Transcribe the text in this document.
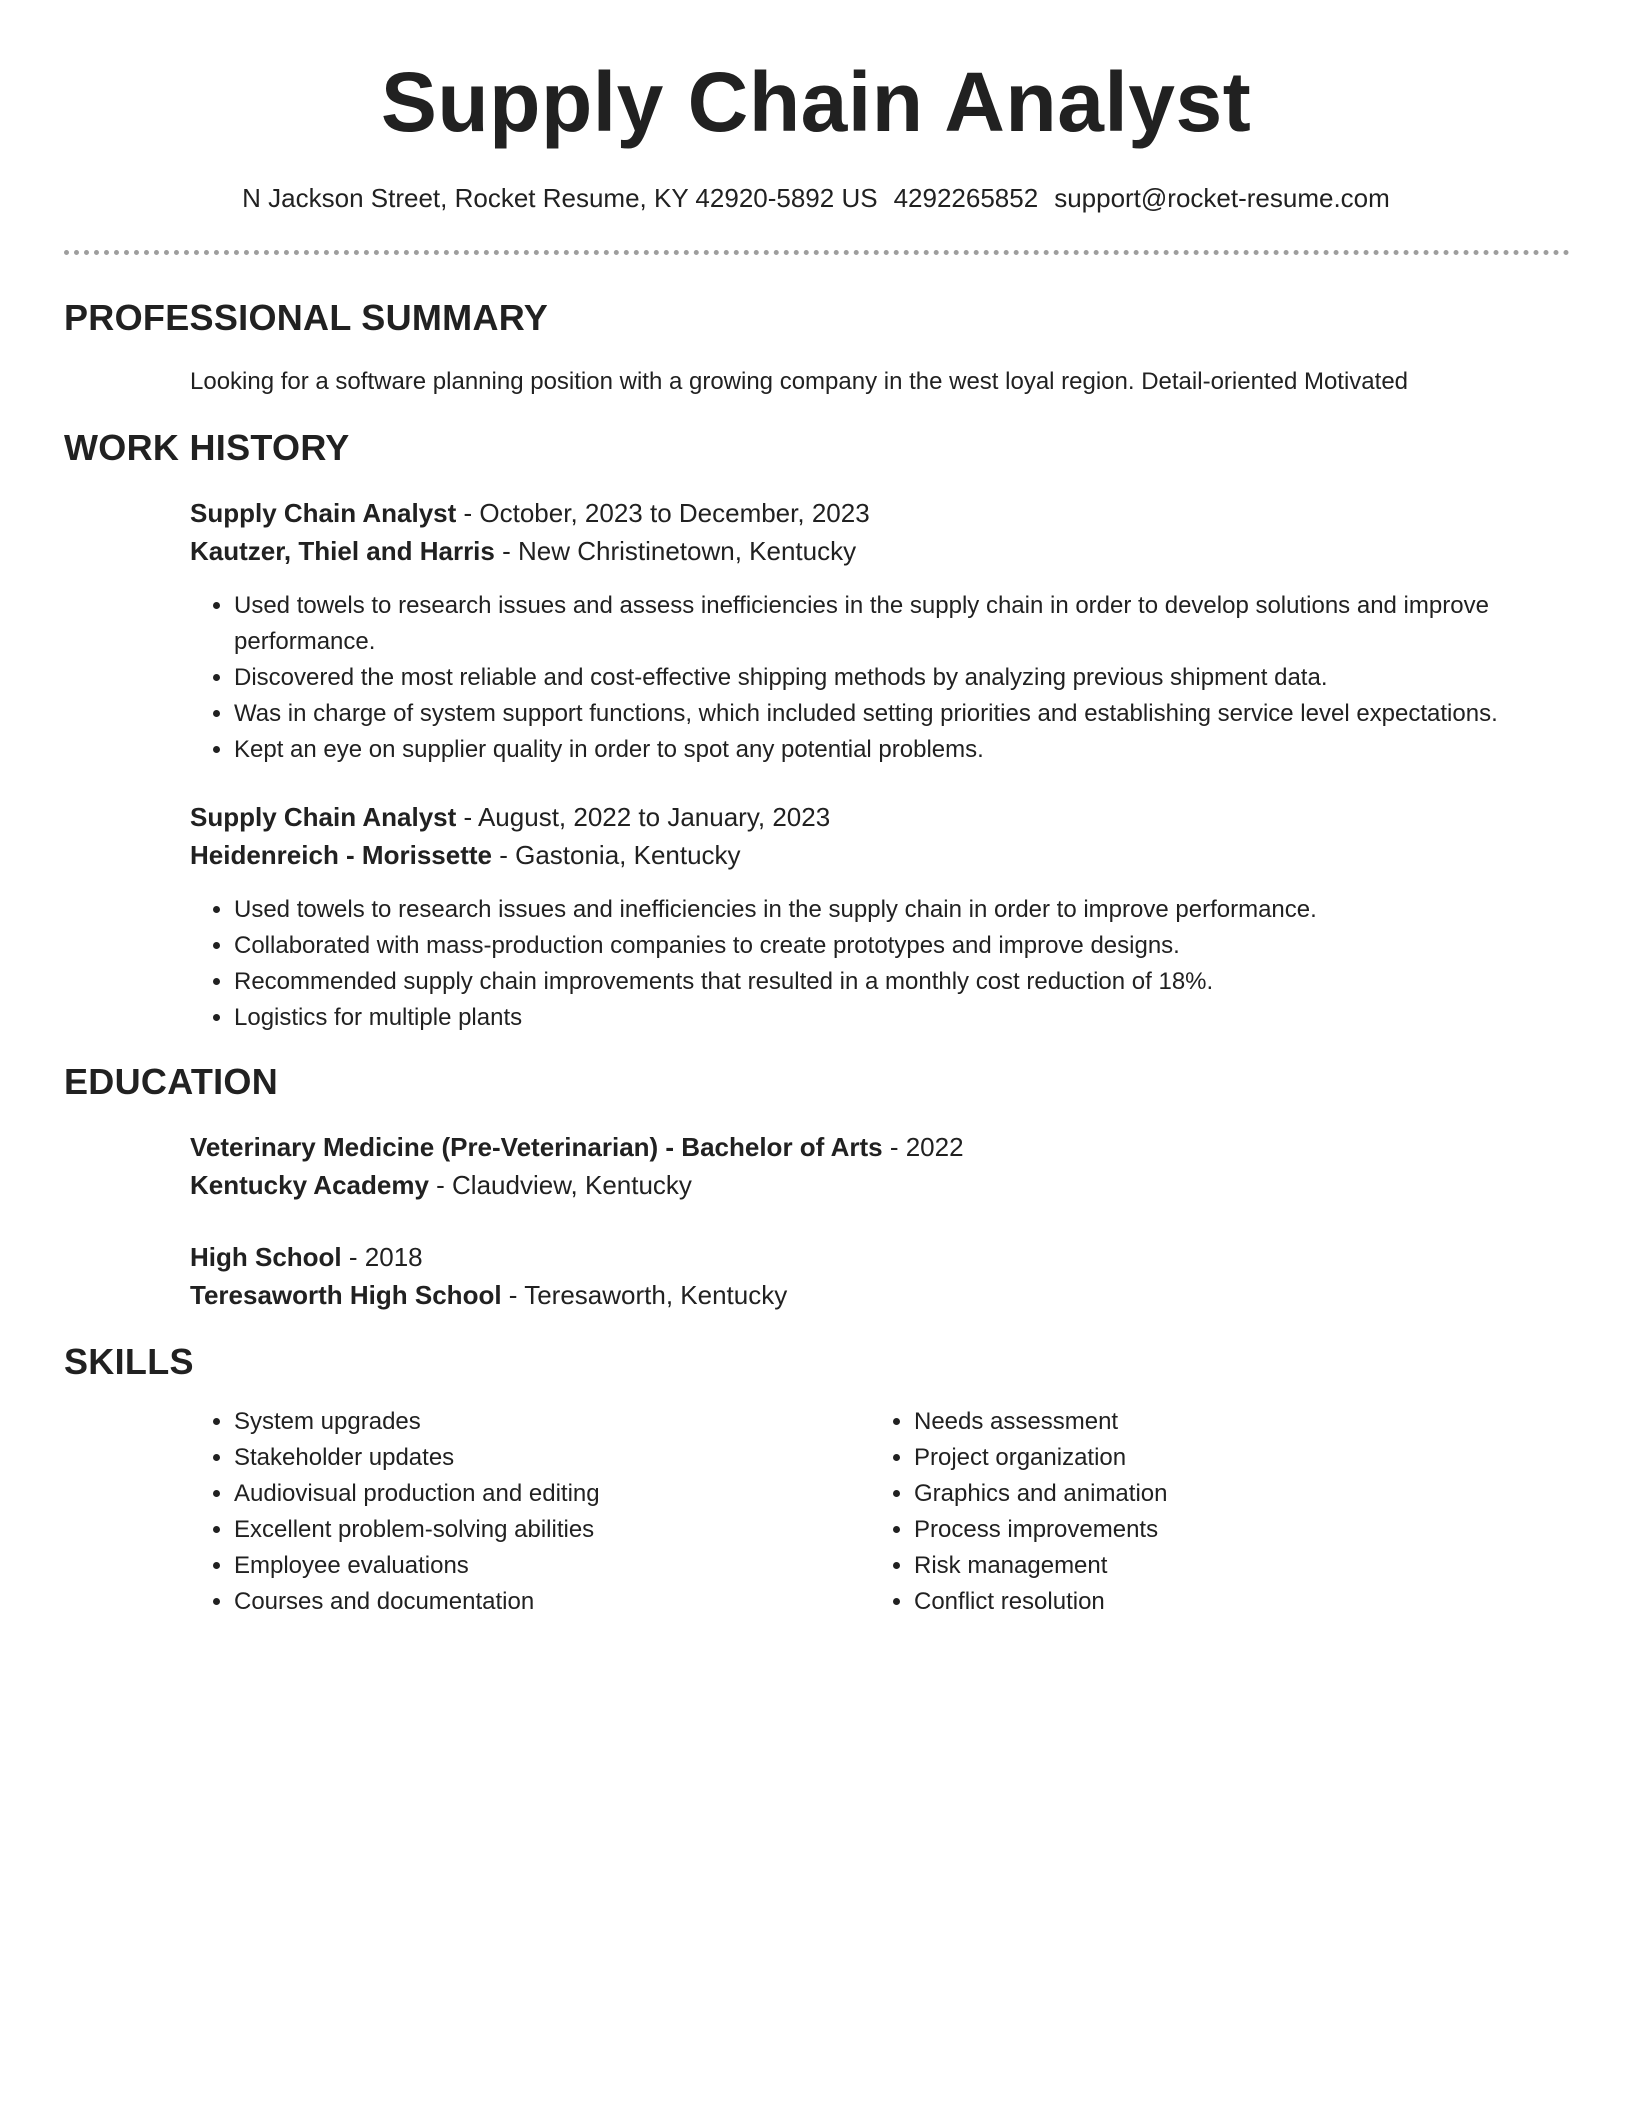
Supply Chain Analyst
N Jackson Street, Rocket Resume, KY 42920-5892 US 4292265852 support@rocket-resume.com
PROFESSIONAL SUMMARY
Looking for a software planning position with a growing company in the west loyal region. Detail-oriented Motivated
WORK HISTORY
Supply Chain Analyst - October, 2023 to December, 2023
Kautzer, Thiel and Harris - New Christinetown, Kentucky
• Used towels to research issues and assess inefficiencies in the supply chain in order to develop solutions and improve performance.
• Discovered the most reliable and cost-effective shipping methods by analyzing previous shipment data.
• Was in charge of system support functions, which included setting priorities and establishing service level expectations.
• Kept an eye on supplier quality in order to spot any potential problems.
Supply Chain Analyst - August, 2022 to January, 2023
Heidenreich - Morissette - Gastonia, Kentucky
• Used towels to research issues and inefficiencies in the supply chain in order to improve performance.
• Collaborated with mass-production companies to create prototypes and improve designs.
• Recommended supply chain improvements that resulted in a monthly cost reduction of 18%.
• Logistics for multiple plants
EDUCATION
Veterinary Medicine (Pre-Veterinarian) - Bachelor of Arts - 2022
Kentucky Academy - Claudview, Kentucky
High School - 2018
Teresaworth High School - Teresaworth, Kentucky
SKILLS
• System upgrades
• Stakeholder updates
• Audiovisual production and editing
• Excellent problem-solving abilities
• Employee evaluations
• Courses and documentation
• Needs assessment
• Project organization
• Graphics and animation
• Process improvements
• Risk management
• Conflict resolution
